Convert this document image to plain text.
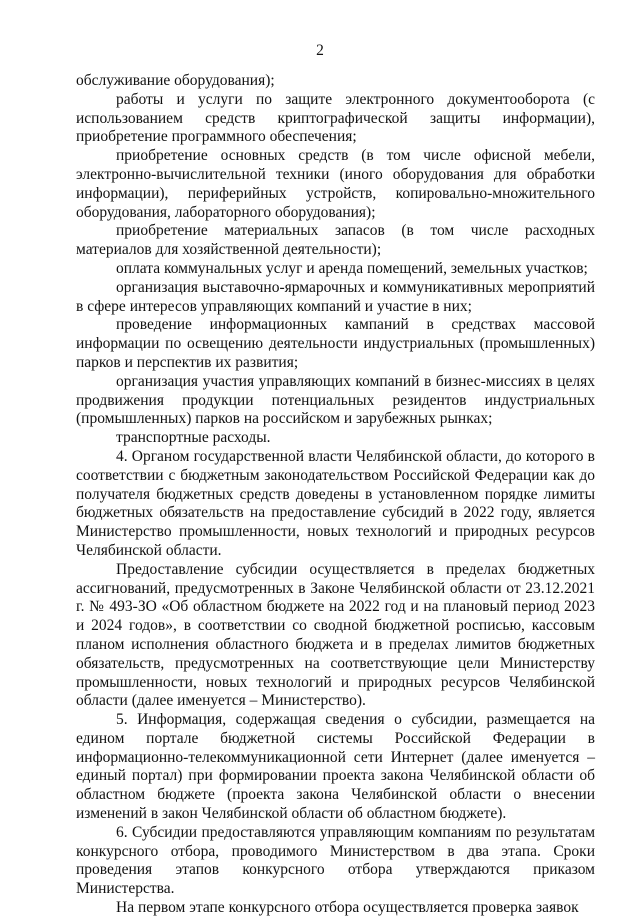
2

обслуживание оборудования);

работы и услуги по защите электронного документооборота (с использованием средств криптографической защиты информации), приобретение программного обеспечения;

приобретение основных средств (в том числе офисной мебели, электронно-вычислительной техники (иного оборудования для обработки информации), периферийных устройств, копировально-множительного оборудования, лабораторного оборудования);

приобретение материальных запасов (в том числе расходных материалов для хозяйственной деятельности);

оплата коммунальных услуг и аренда помещений, земельных участков;

организация выставочно-ярмарочных и коммуникативных мероприятий в сфере интересов управляющих компаний и участие в них;

проведение информационных кампаний в средствах массовой информации по освещению деятельности индустриальных (промышленных) парков и перспектив их развития;

организация участия управляющих компаний в бизнес-миссиях в целях продвижения продукции потенциальных резидентов индустриальных (промышленных) парков на российском и зарубежных рынках;

транспортные расходы.

4. Органом государственной власти Челябинской области, до которого в соответствии с бюджетным законодательством Российской Федерации как до получателя бюджетных средств доведены в установленном порядке лимиты бюджетных обязательств на предоставление субсидий в 2022 году, является Министерство промышленности, новых технологий и природных ресурсов Челябинской области.

Предоставление субсидии осуществляется в пределах бюджетных ассигнований, предусмотренных в Законе Челябинской области от 23.12.2021 г. № 493-ЗО «Об областном бюджете на 2022 год и на плановый период 2023 и 2024 годов», в соответствии со сводной бюджетной росписью, кассовым планом исполнения областного бюджета и в пределах лимитов бюджетных обязательств, предусмотренных на соответствующие цели Министерству промышленности, новых технологий и природных ресурсов Челябинской области (далее именуется – Министерство).

5. Информация, содержащая сведения о субсидии, размещается на едином портале бюджетной системы Российской Федерации в информационно-телекоммуникационной сети Интернет (далее именуется – единый портал) при формировании проекта закона Челябинской области об областном бюджете (проекта закона Челябинской области о внесении изменений в закон Челябинской области об областном бюджете).

6. Субсидии предоставляются управляющим компаниям по результатам конкурсного отбора, проводимого Министерством в два этапа. Сроки проведения этапов конкурсного отбора утверждаются приказом Министерства.

На первом этапе конкурсного отбора осуществляется проверка заявок
